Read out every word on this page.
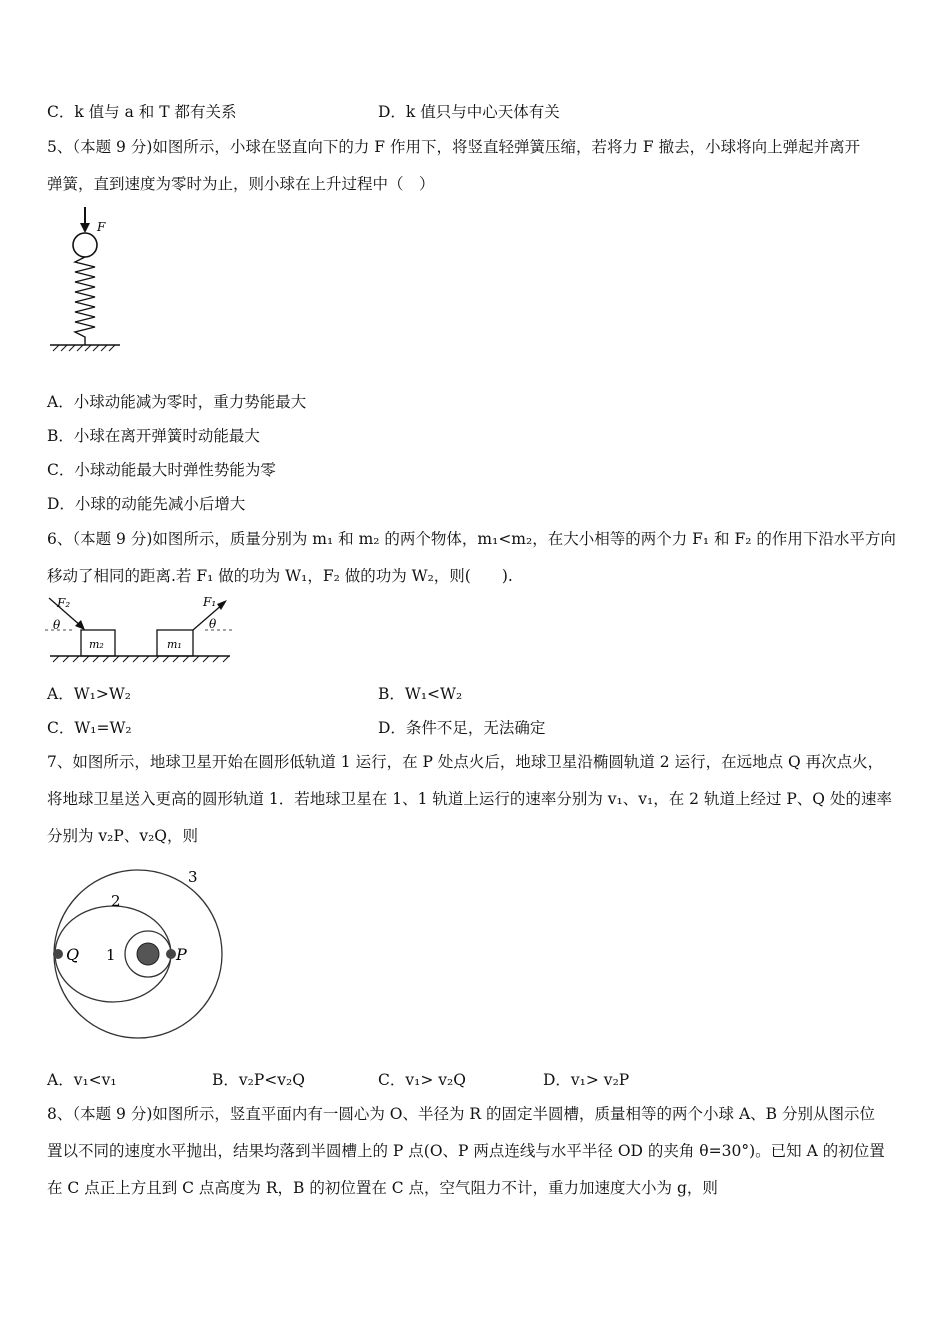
C．k 值与 a 和 T 都有关系	D．k 值只与中心天体有关
5、（本题 9 分)如图所示，小球在竖直向下的力 F 作用下，将竖直轻弹簧压缩，若将力 F 撤去，小球将向上弹起并离开
弹簧，直到速度为零时为止，则小球在上升过程中（　）
F
A．小球动能减为零时，重力势能最大
B．小球在离开弹簧时动能最大
C．小球动能最大时弹性势能为零
D．小球的动能先减小后增大
6、（本题 9 分)如图所示，质量分别为 m₁ 和 m₂ 的两个物体，m₁<m₂，在大小相等的两个力 F₁ 和 F₂ 的作用下沿水平方向
移动了相同的距离.若 F₁ 做的功为 W₁，F₂ 做的功为 W₂，则(　　).
F₂
θ
m₂	m₁
F₁
θ
A．W₁>W₂	B．W₁<W₂
C．W₁=W₂	D．条件不足，无法确定
7、如图所示，地球卫星开始在圆形低轨道 1 运行，在 P 处点火后，地球卫星沿椭圆轨道 2 运行，在远地点 Q 再次点火，
将地球卫星送入更高的圆形轨道 1．若地球卫星在 1、1 轨道上运行的速率分别为 v₁、v₁，在 2 轨道上经过 P、Q 处的速率
分别为 v₂P、v₂Q，则
Q	P
1
2
3
A．v₁<v₁	B．v₂P<v₂Q	C．v₁> v₂Q	D．v₁> v₂P
8、（本题 9 分)如图所示，竖直平面内有一圆心为 O、半径为 R 的固定半圆槽，质量相等的两个小球 A、B 分别从图示位
置以不同的速度水平抛出，结果均落到半圆槽上的 P 点(O、P 两点连线与水平半径 OD 的夹角 θ=30°)。已知 A 的初位置
在 C 点正上方且到 C 点高度为 R，B 的初位置在 C 点，空气阻力不计，重力加速度大小为 g，则
